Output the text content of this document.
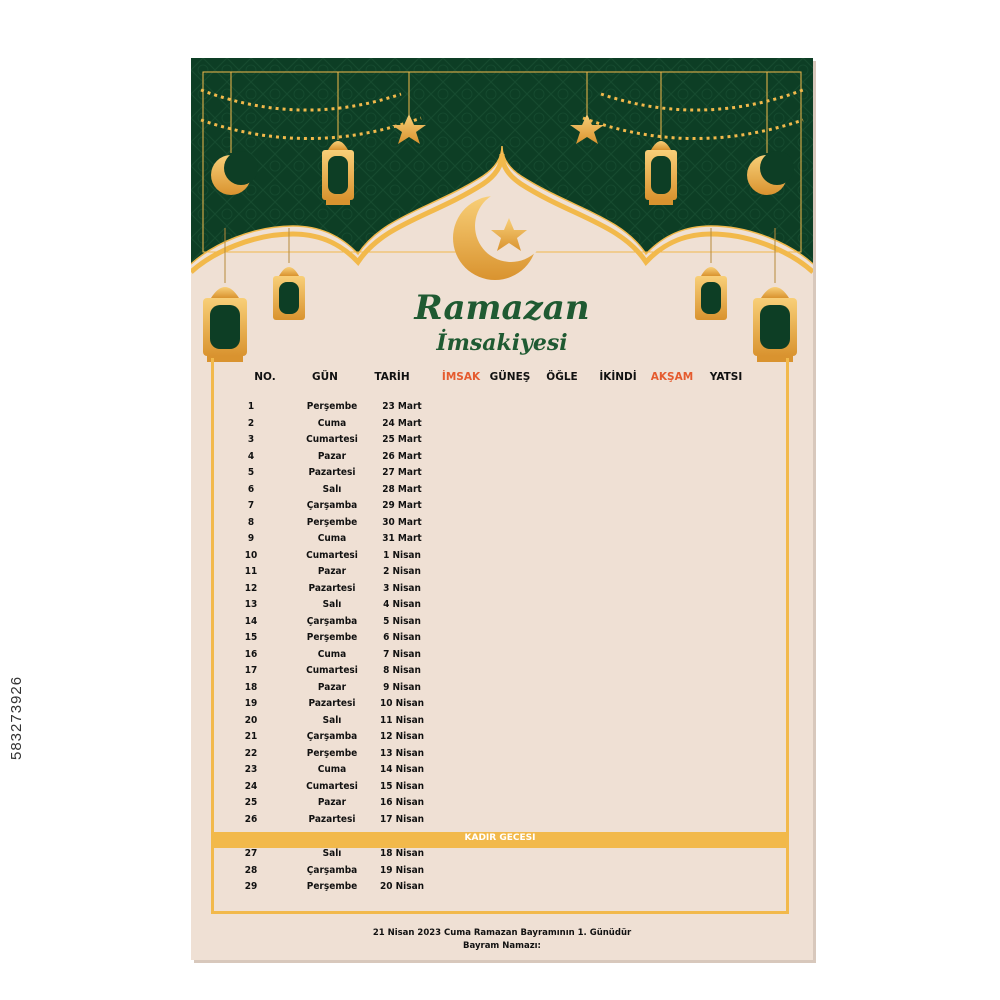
583273926
Ramazan
İmsakiyesi
NO.	GÜN	TARİH	İMSAK GÜNEŞ	ÖĞLE	İKİNDİ	AKŞAM	YATSI
1	Perşembe	23 Mart
2	Cuma	24 Mart
3	Cumartesi	25 Mart
4	Pazar	26 Mart
5	Pazartesi	27 Mart
6	Salı	28 Mart
7	Çarşamba	29 Mart
8	Perşembe	30 Mart
9	Cuma	31 Mart
10	Cumartesi	1 Nisan
11	Pazar	2 Nisan
12	Pazartesi	3 Nisan
13	Salı	4 Nisan
14	Çarşamba	5 Nisan
15	Perşembe	6 Nisan
16	Cuma	7 Nisan
17	Cumartesi	8 Nisan
18	Pazar	9 Nisan
19	Pazartesi	10 Nisan
20	Salı	11 Nisan
21	Çarşamba	12 Nisan
22	Perşembe	13 Nisan
23	Cuma	14 Nisan
24	Cumartesi	15 Nisan
25	Pazar	16 Nisan
26	Pazartesi	17 Nisan
KADIR GECESI
27	Salı	18 Nisan
28	Çarşamba	19 Nisan
29	Perşembe	20 Nisan
21 Nisan 2023 Cuma Ramazan Bayramının 1. Günüdür
Bayram Namazı:
